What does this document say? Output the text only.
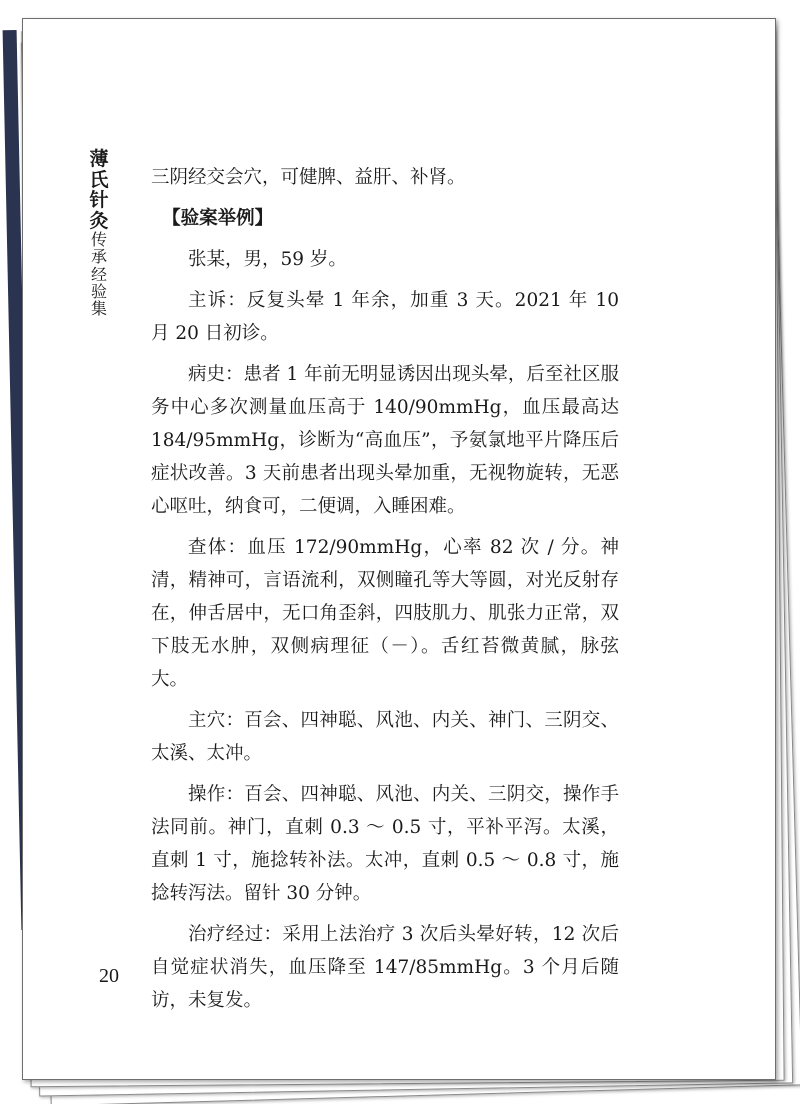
薄
氏
针
灸
传
承
经
验
集

三阴经交会穴，可健脾、益肝、补肾。

【验案举例】

张某，男，59 岁。

主诉：反复头晕 1 年余，加重 3 天。2021 年 10 月 20 日初诊。

病史：患者 1 年前无明显诱因出现头晕，后至社区服务中心多次测量血压高于 140/90mmHg，血压最高达 184/95mmHg，诊断为“高血压”，予氨氯地平片降压后症状改善。3 天前患者出现头晕加重，无视物旋转，无恶心呕吐，纳食可，二便调，入睡困难。

查体：血压 172/90mmHg，心率 82 次 / 分。神清，精神可，言语流利，双侧瞳孔等大等圆，对光反射存在，伸舌居中，无口角歪斜，四肢肌力、肌张力正常，双下肢无水肿，双侧病理征（－）。舌红苔微黄腻，脉弦大。

主穴：百会、四神聪、风池、内关、神门、三阴交、太溪、太冲。

操作：百会、四神聪、风池、内关、三阴交，操作手法同前。神门，直刺 0.3 ～ 0.5 寸，平补平泻。太溪，直刺 1 寸，施捻转补法。太冲，直刺 0.5 ～ 0.8 寸，施捻转泻法。留针 30 分钟。

治疗经过：采用上法治疗 3 次后头晕好转，12 次后自觉症状消失，血压降至 147/85mmHg。3 个月后随访，未复发。

20
